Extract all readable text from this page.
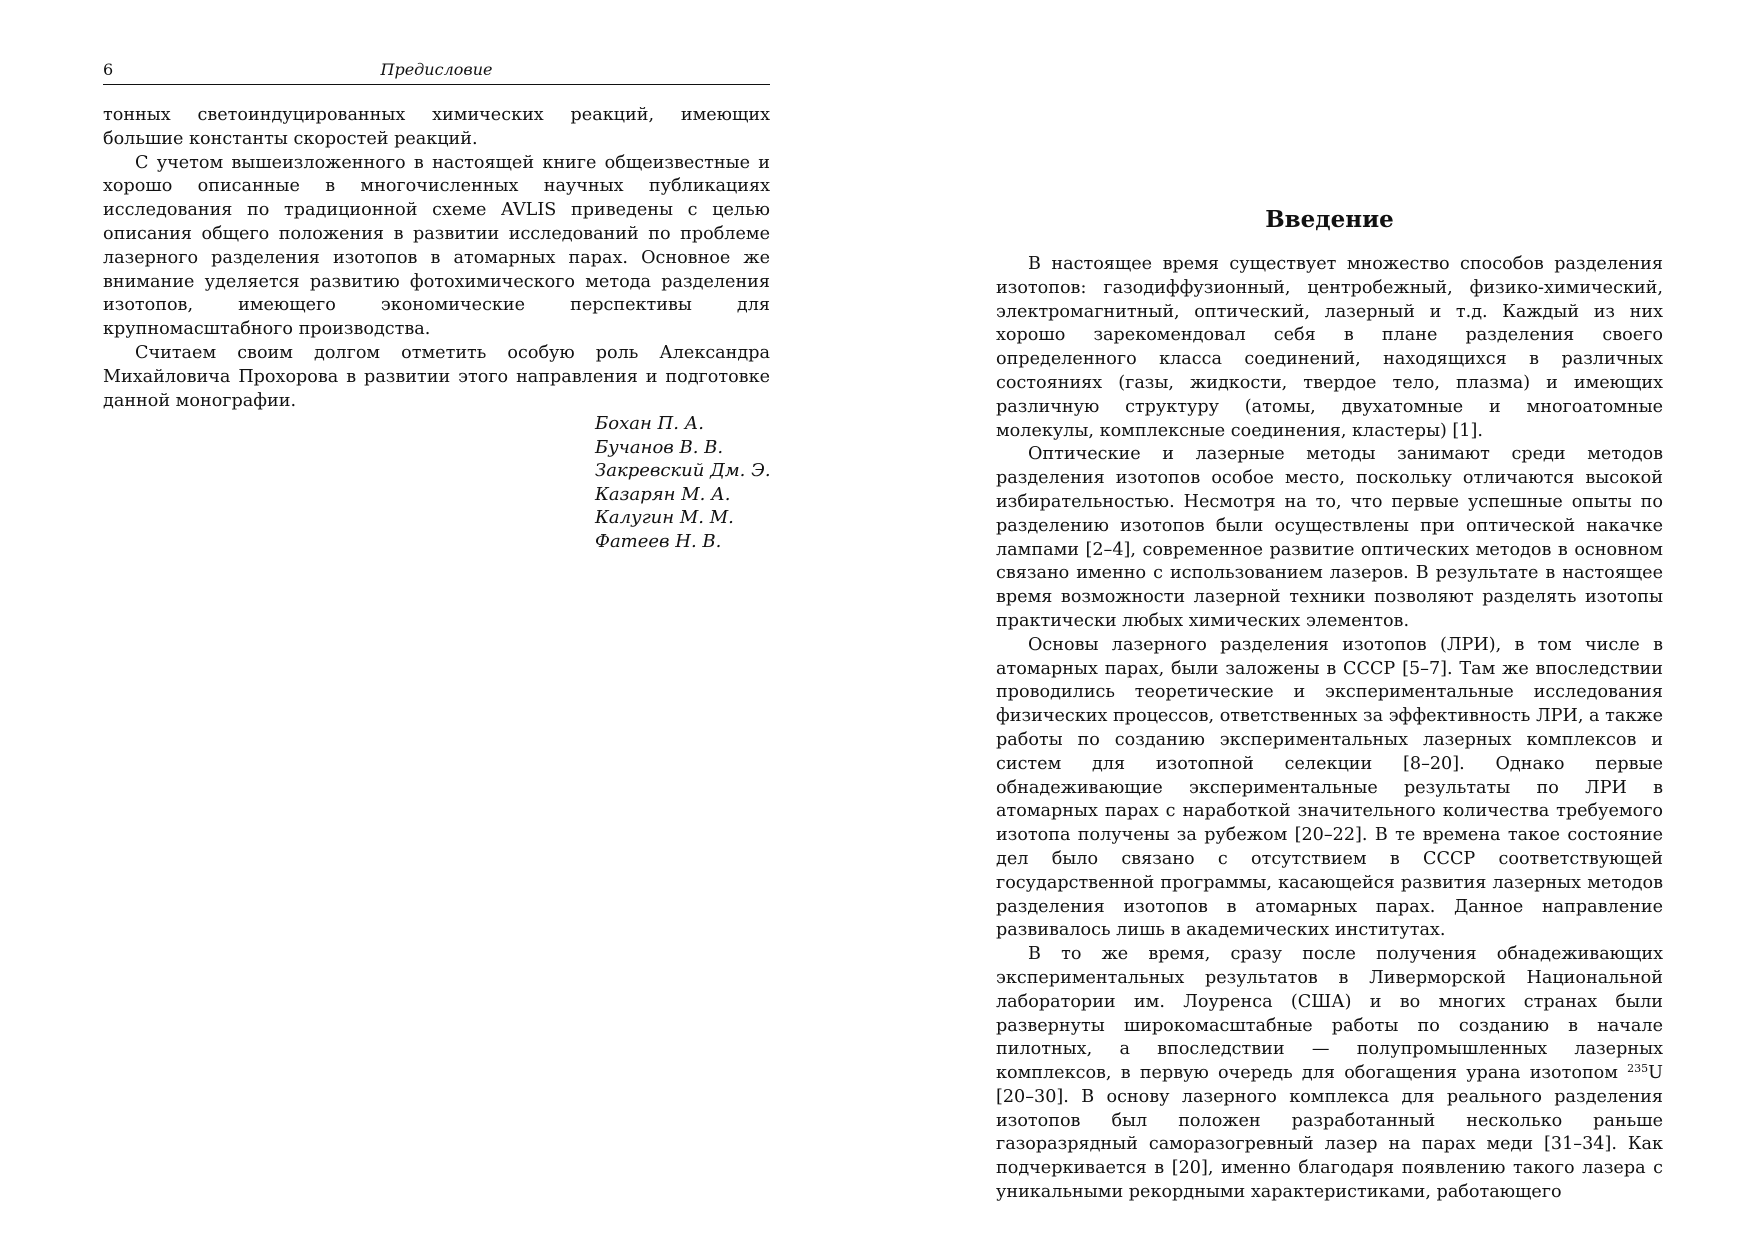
6	Предисловие

тонных светоиндуцированных химических реакций, имеющих большие константы скоростей реакций.

С учетом вышеизложенного в настоящей книге общеизвестные и хорошо описанные в многочисленных научных публикациях исследования по традиционной схеме AVLIS приведены с целью описания общего положения в развитии исследований по проблеме лазерного разделения изотопов в атомарных парах. Основное же внимание уделяется развитию фотохимического метода разделения изотопов, имеющего экономические перспективы для крупномасштабного производства.

Считаем своим долгом отметить особую роль Александра Михайловича Прохорова в развитии этого направления и подготовке данной монографии.

Бохан П. А.
Бучанов В. В.
Закревский Дм. Э.
Казарян М. А.
Калугин М. М.
Фатеев Н. В.
Введение

В настоящее время существует множество способов разделения изотопов: газодиффузионный, центробежный, физико-химический, электромагнитный, оптический, лазерный и т.д. Каждый из них хорошо зарекомендовал себя в плане разделения своего определенного класса соединений, находящихся в различных состояниях (газы, жидкости, твердое тело, плазма) и имеющих различную структуру (атомы, двухатомные и многоатомные молекулы, комплексные соединения, кластеры) [1].

Оптические и лазерные методы занимают среди методов разделения изотопов особое место, поскольку отличаются высокой избирательностью. Несмотря на то, что первые успешные опыты по разделению изотопов были осуществлены при оптической накачке лампами [2–4], современное развитие оптических методов в основном связано именно с использованием лазеров. В результате в настоящее время возможности лазерной техники позволяют разделять изотопы практически любых химических элементов.

Основы лазерного разделения изотопов (ЛРИ), в том числе в атомарных парах, были заложены в СССР [5–7]. Там же впоследствии проводились теоретические и экспериментальные исследования физических процессов, ответственных за эффективность ЛРИ, а также работы по созданию экспериментальных лазерных комплексов и систем для изотопной селекции [8–20]. Однако первые обнадеживающие экспериментальные результаты по ЛРИ в атомарных парах с наработкой значительного количества требуемого изотопа получены за рубежом [20–22]. В те времена такое состояние дел было связано с отсутствием в СССР соответствующей государственной программы, касающейся развития лазерных методов разделения изотопов в атомарных парах. Данное направление развивалось лишь в академических институтах.

В то же время, сразу после получения обнадеживающих экспериментальных результатов в Ливерморской Национальной лаборатории им. Лоуренса (США) и во многих странах были развернуты широкомасштабные работы по созданию в начале пилотных, а впоследствии — полупромышленных лазерных комплексов, в первую очередь для обогащения урана изотопом $^{235}$U [20–30]. В основу лазерного комплекса для реального разделения изотопов был положен разработанный несколько раньше газоразрядный саморазогревный лазер на парах меди [31–34]. Как подчеркивается в [20], именно благодаря появлению такого лазера с уникальными рекордными характеристиками, работающего
